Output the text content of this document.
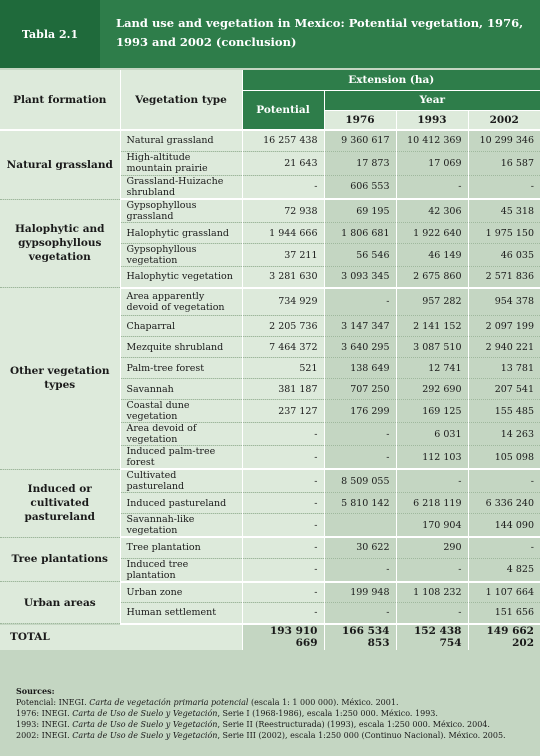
Tabla 2.1
Land use and vegetation in Mexico: Potential vegetation, 1976, 1993 and 2002 (conclusion)
Plant formation	Vegetation type	Extension (ha)			
		Potential	Year		
			1976	1993	2002
Natural grassland	Natural grassland	16 257 438	9 360 617	10 412 369	10 299 346
	High-altitude mountain prairie	21 643	17 873	17 069	16 587
	Grassland-Huizache shrubland	-	606 553	-	-
Halophytic and gypsophyllous vegetation	Gypsophyllous grassland	72 938	69 195	42 306	45 318
	Halophytic grassland	1 944 666	1 806 681	1 922 640	1 975 150
	Gypsophyllous vegetation	37 211	56 546	46 149	46 035
	Halophytic vegetation	3 281 630	3 093 345	2 675 860	2 571 836
Other vegetation types	Area apparently devoid of vegetation	734 929	-	957 282	954 378
	Chaparral	2 205 736	3 147 347	2 141 152	2 097 199
	Mezquite shrubland	7 464 372	3 640 295	3 087 510	2 940 221
	Palm-tree forest	521	138 649	12 741	13 781
	Savannah	381 187	707 250	292 690	207 541
	Coastal dune vegetation	237 127	176 299	169 125	155 485
	Area devoid of vegetation	-	-	6 031	14 263
	Induced palm-tree forest	-	-	112 103	105 098
Induced or cultivated pastureland	Cultivated pastureland	-	8 509 055	-	-
	Induced pastureland	-	5 810 142	6 218 119	6 336 240
	Savannah-like vegetation	-		170 904	144 090
Tree plantations	Tree plantation	-	30 622	290	-
	Induced tree plantation	-	-	-	4 825
Urban areas	Urban zone	-	199 948	1 108 232	1 107 664
	Human settlement	-	-	-	151 656
TOTAL		193 910 669	166 534 853	152 438 754	149 662 202
Sources:
Potencial: INEGI. Carta de vegetación primaria potencial (escala 1: 1 000 000). México. 2001.
1976: INEGI. Carta de Uso de Suelo y Vegetación, Serie I (1968-1986), escala 1:250 000. México. 1993.
1993: INEGI. Carta de Uso de Suelo y Vegetación, Serie II (Reestructurada) (1993), escala 1:250 000. México. 2004.
2002: INEGI. Carta de Uso de Suelo y Vegetación, Serie III (2002), escala 1:250 000 (Continuo Nacional). México. 2005.
